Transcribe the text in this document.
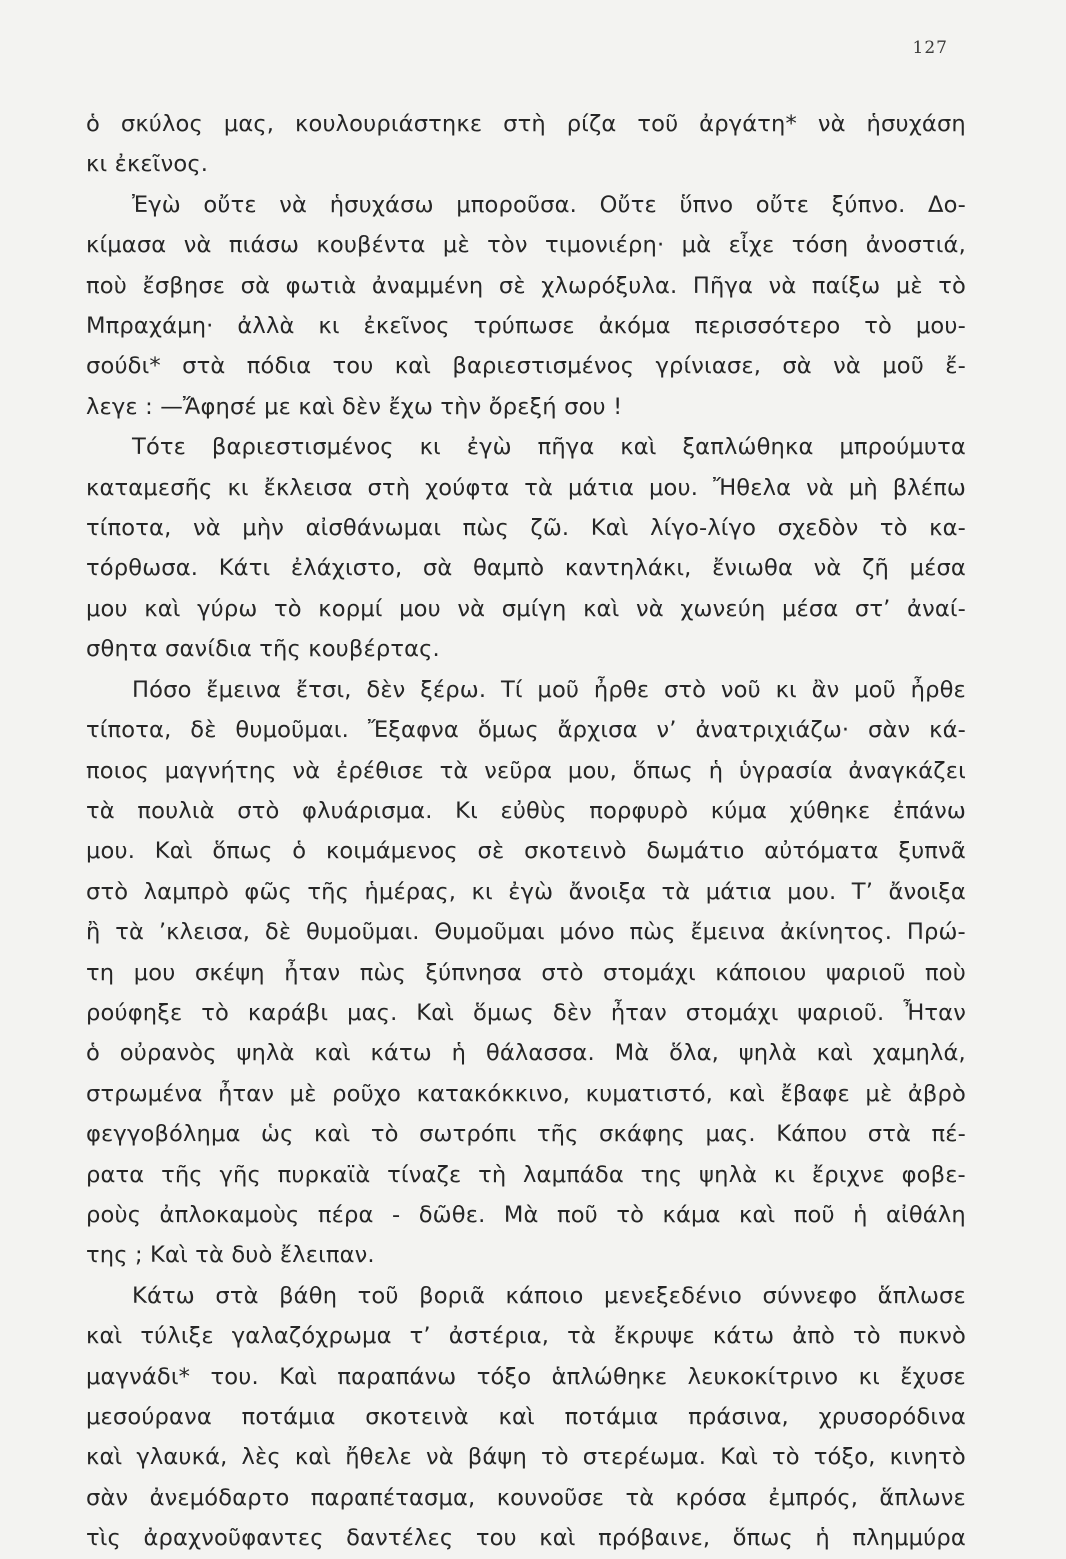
127
ὁ σκύλος μας, κουλουριάστηκε στὴ ρίζα τοῦ ἀργάτη* νὰ ἡσυχάση
κι ἐκεῖνος.
Ἐγὼ οὔτε νὰ ἡσυχάσω μποροῦσα. Οὔτε ὕπνο οὔτε ξύπνο. Δο-
κίμασα νὰ πιάσω κουβέντα μὲ τὸν τιμονιέρη· μὰ εἶχε τόση ἀνοστιά,
ποὺ ἔσβησε σὰ φωτιὰ ἀναμμένη σὲ χλωρόξυλα. Πῆγα νὰ παίξω μὲ τὸ
Μπραχάμη· ἀλλὰ κι ἐκεῖνος τρύπωσε ἀκόμα περισσότερο τὸ μου-
σούδι* στὰ πόδια του καὶ βαριεστισμένος γρίνιασε, σὰ νὰ μοῦ ἔ-
λεγε : —Ἄφησέ με καὶ δὲν ἔχω τὴν ὄρεξή σου !
Τότε βαριεστισμένος κι ἐγὼ πῆγα καὶ ξαπλώθηκα μπρούμυτα
καταμεσῆς κι ἔκλεισα στὴ χούφτα τὰ μάτια μου. Ἤθελα νὰ μὴ βλέπω
τίποτα, νὰ μὴν αἰσθάνωμαι πὼς ζῶ. Καὶ λίγο-λίγο σχεδὸν τὸ κα-
τόρθωσα. Κάτι ἐλάχιστο, σὰ θαμπὸ καντηλάκι, ἔνιωθα νὰ ζῆ μέσα
μου καὶ γύρω τὸ κορμί μου νὰ σμίγη καὶ νὰ χωνεύη μέσα στ’ ἀναί-
σθητα σανίδια τῆς κουβέρτας.
Πόσο ἔμεινα ἔτσι, δὲν ξέρω. Τί μοῦ ἦρθε στὸ νοῦ κι ἂν μοῦ ἦρθε
τίποτα, δὲ θυμοῦμαι. Ἔξαφνα ὅμως ἄρχισα ν’ ἀνατριχιάζω· σὰν κά-
ποιος μαγνήτης νὰ ἐρέθισε τὰ νεῦρα μου, ὅπως ἡ ὑγρασία ἀναγκάζει
τὰ πουλιὰ στὸ φλυάρισμα. Κι εὐθὺς πορφυρὸ κύμα χύθηκε ἐπάνω
μου. Καὶ ὅπως ὁ κοιμάμενος σὲ σκοτεινὸ δωμάτιο αὐτόματα ξυπνᾶ
στὸ λαμπρὸ φῶς τῆς ἡμέρας, κι ἐγὼ ἄνοιξα τὰ μάτια μου. Τ’ ἄνοιξα
ἢ τὰ ’κλεισα, δὲ θυμοῦμαι. Θυμοῦμαι μόνο πὼς ἔμεινα ἀκίνητος. Πρώ-
τη μου σκέψη ἦταν πὼς ξύπνησα στὸ στομάχι κάποιου ψαριοῦ ποὺ
ρούφηξε τὸ καράβι μας. Καὶ ὅμως δὲν ἦταν στομάχι ψαριοῦ. Ἦταν
ὁ οὐρανὸς ψηλὰ καὶ κάτω ἡ θάλασσα. Μὰ ὅλα, ψηλὰ καὶ χαμηλά,
στρωμένα ἦταν μὲ ροῦχο κατακόκκινο, κυματιστό, καὶ ἔβαφε μὲ ἀβρὸ
φεγγοβόλημα ὡς καὶ τὸ σωτρόπι τῆς σκάφης μας. Κάπου στὰ πέ-
ρατα τῆς γῆς πυρκαϊὰ τίναζε τὴ λαμπάδα της ψηλὰ κι ἔριχνε φοβε-
ροὺς ἀπλοκαμοὺς πέρα - δῶθε. Μὰ ποῦ τὸ κάμα καὶ ποῦ ἡ αἰθάλη
της ; Καὶ τὰ δυὸ ἔλειπαν.
Κάτω στὰ βάθη τοῦ βοριᾶ κάποιο μενεξεδένιο σύννεφο ἅπλωσε
καὶ τύλιξε γαλαζόχρωμα τ’ ἀστέρια, τὰ ἔκρυψε κάτω ἀπὸ τὸ πυκνὸ
μαγνάδι* του. Καὶ παραπάνω τόξο ἁπλώθηκε λευκοκίτρινο κι ἔχυσε
μεσούρανα ποτάμια σκοτεινὰ καὶ ποτάμια πράσινα, χρυσορόδινα
καὶ γλαυκά, λὲς καὶ ἤθελε νὰ βάψη τὸ στερέωμα. Καὶ τὸ τόξο, κινητὸ
σὰν ἀνεμόδαρτο παραπέτασμα, κουνοῦσε τὰ κρόσα ἐμπρός, ἅπλωνε
τὶς ἀραχνοῦφαντες δαντέλες του καὶ πρόβαινε, ὅπως ἡ πλημμύρα
